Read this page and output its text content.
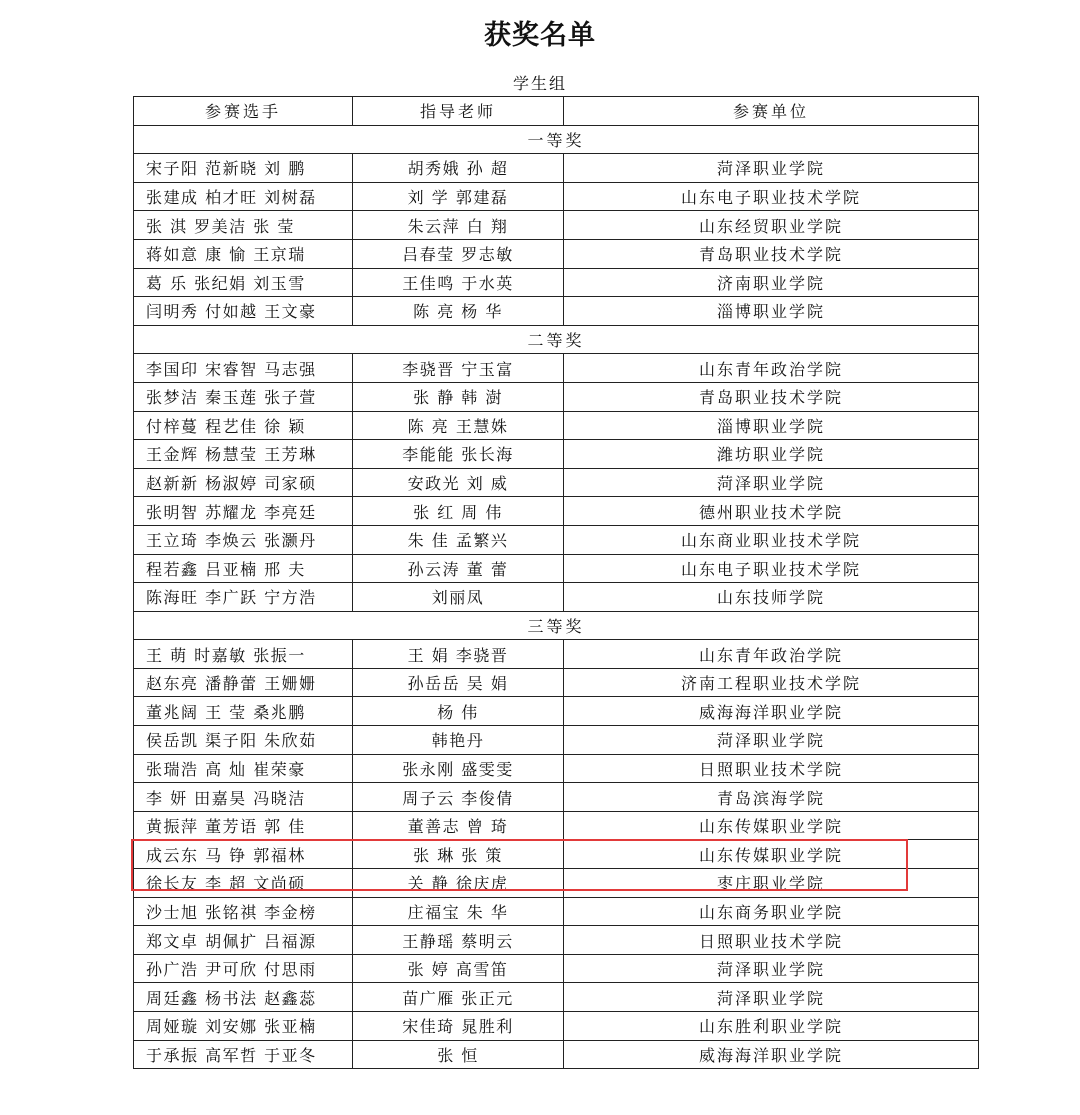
获奖名单
学生组
参赛选手	指导老师	参赛单位
一等奖		
宋子阳 范新晓 刘 鹏	胡秀娥 孙 超	菏泽职业学院
张建成 柏才旺 刘树磊	刘 学 郭建磊	山东电子职业技术学院
张 淇 罗美洁 张 莹	朱云萍 白 翔	山东经贸职业学院
蒋如意 康 愉 王京瑞	吕春莹 罗志敏	青岛职业技术学院
葛 乐 张纪娟 刘玉雪	王佳鸣 于水英	济南职业学院
闫明秀 付如越 王文豪	陈 亮 杨 华	淄博职业学院
二等奖		
李国印 宋睿智 马志强	李骁晋 宁玉富	山东青年政治学院
张梦洁 秦玉莲 张子萱	张 静 韩 澍	青岛职业技术学院
付梓蔓 程艺佳 徐 颖	陈 亮 王慧姝	淄博职业学院
王金辉 杨慧莹 王芳琳	李能能 张长海	潍坊职业学院
赵新新 杨淑婷 司家硕	安政光 刘 威	菏泽职业学院
张明智 苏耀龙 李亮廷	张 红 周 伟	德州职业技术学院
王立琦 李焕云 张灏丹	朱 佳 孟繁兴	山东商业职业技术学院
程若鑫 吕亚楠 邢 夫	孙云涛 董 蕾	山东电子职业技术学院
陈海旺 李广跃 宁方浩	刘丽凤	山东技师学院
三等奖		
王 萌 时嘉敏 张振一	王 娟 李骁晋	山东青年政治学院
赵东亮 潘静蕾 王姗姗	孙岳岳 吴 娟	济南工程职业技术学院
董兆阔 王 莹 桑兆鹏	杨 伟	威海海洋职业学院
侯岳凯 渠子阳 朱欣茹	韩艳丹	菏泽职业学院
张瑞浩 高 灿 崔荣豪	张永刚 盛雯雯	日照职业技术学院
李 妍 田嘉昊 冯晓洁	周子云 李俊倩	青岛滨海学院
黄振萍 董芳语 郭 佳	董善志 曾 琦	山东传媒职业学院
成云东 马 铮 郭福林	张 琳 张 策	山东传媒职业学院
徐长友 李 超 文尚硕	关 静 徐庆虎	枣庄职业学院
沙士旭 张铭祺 李金榜	庄福宝 朱 华	山东商务职业学院
郑文卓 胡佩扩 吕福源	王静瑶 蔡明云	日照职业技术学院
孙广浩 尹可欣 付思雨	张 婷 高雪笛	菏泽职业学院
周廷鑫 杨书法 赵鑫蕊	苗广雁 张正元	菏泽职业学院
周娅璇 刘安娜 张亚楠	宋佳琦 晁胜利	山东胜利职业学院
于承振 高军哲 于亚冬	张 恒	威海海洋职业学院
